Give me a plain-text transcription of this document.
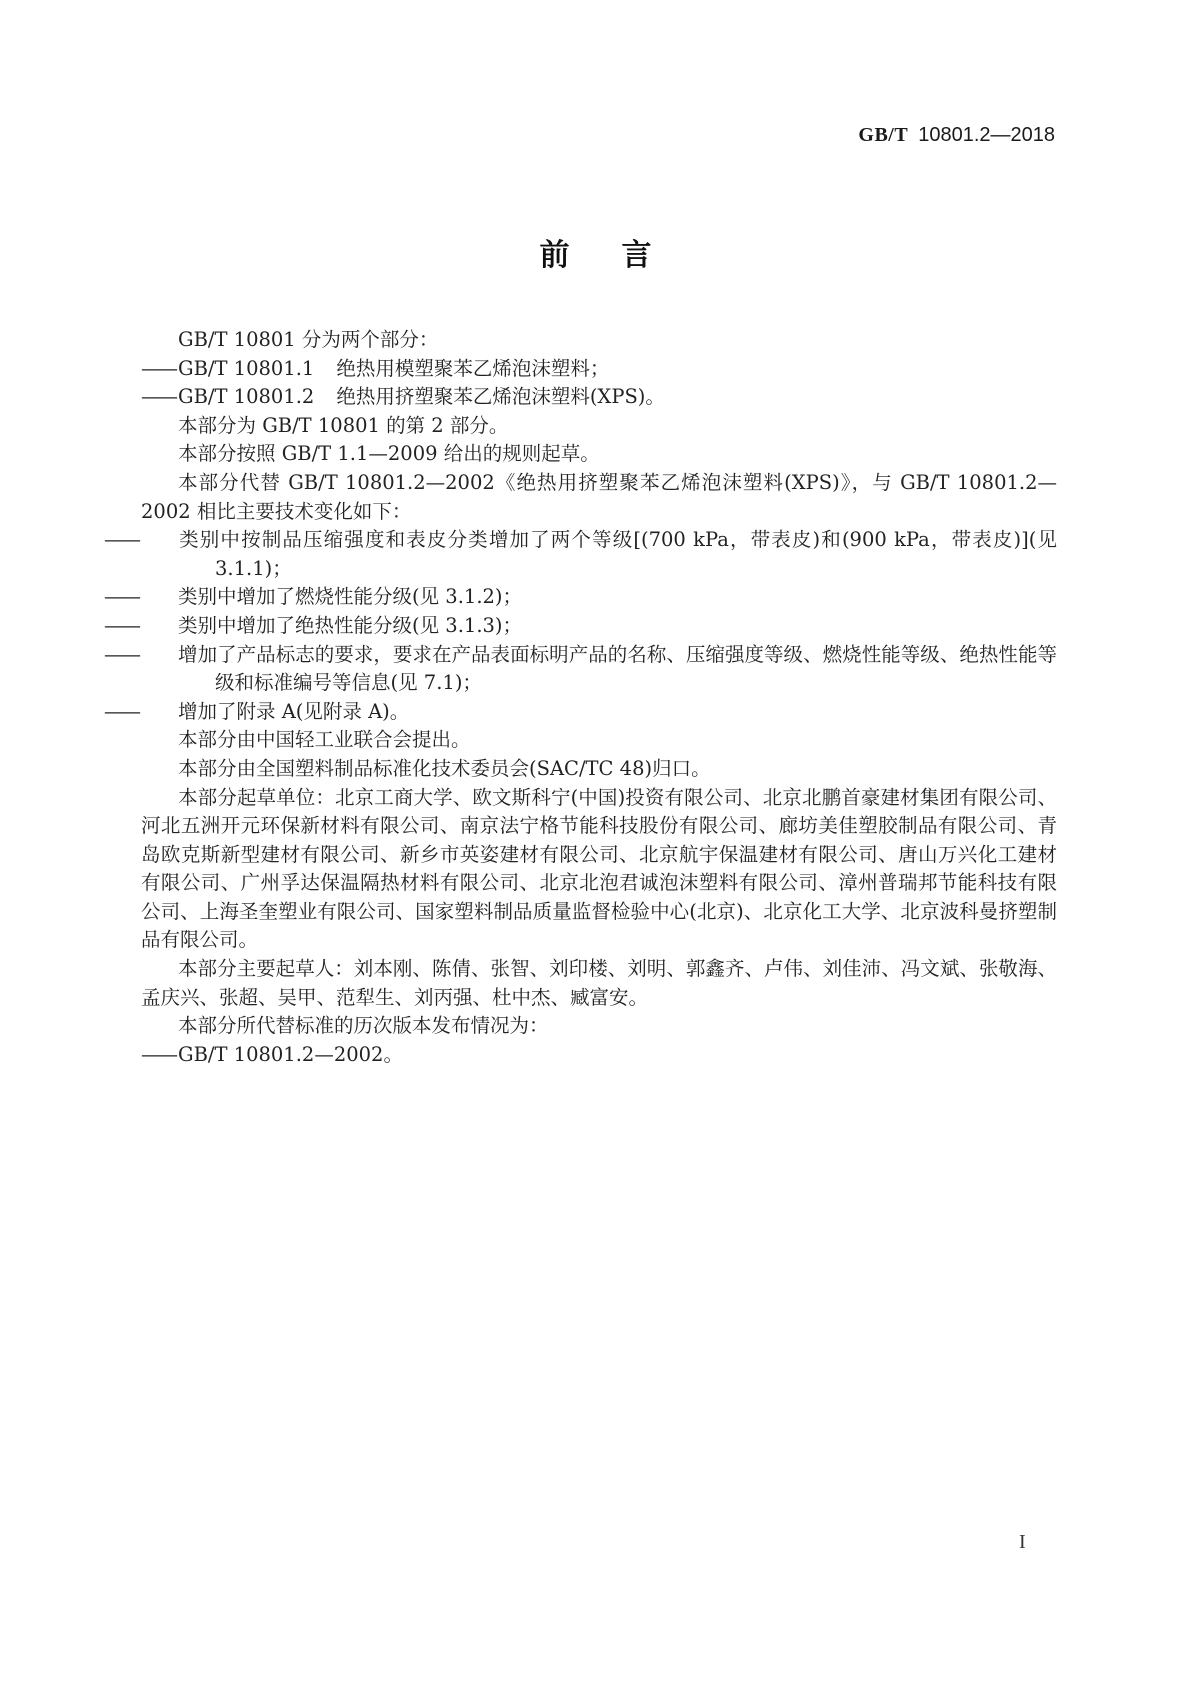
GB/T 10801.2—2018
前言

GB/T 10801 分为两个部分：

—— GB/T 10801.1 绝热用模塑聚苯乙烯泡沫塑料；

—— GB/T 10801.2 绝热用挤塑聚苯乙烯泡沫塑料(XPS)。

本部分为 GB/T 10801 的第 2 部分。

本部分按照 GB/T 1.1—2009 给出的规则起草。

本部分代替 GB/T 10801.2—2002《绝热用挤塑聚苯乙烯泡沫塑料(XPS)》，与 GB/T 10801.2—2002 相比主要技术变化如下：

—— 类别中按制品压缩强度和表皮分类增加了两个等级[(700 kPa，带表皮)和(900 kPa，带表皮)](见 3.1.1)；

—— 类别中增加了燃烧性能分级(见 3.1.2)；

—— 类别中增加了绝热性能分级(见 3.1.3)；

—— 增加了产品标志的要求，要求在产品表面标明产品的名称、压缩强度等级、燃烧性能等级、绝热性能等级和标准编号等信息(见 7.1)；

—— 增加了附录 A(见附录 A)。

本部分由中国轻工业联合会提出。

本部分由全国塑料制品标准化技术委员会(SAC/TC 48)归口。

本部分起草单位：北京工商大学、欧文斯科宁(中国)投资有限公司、北京北鹏首豪建材集团有限公司、河北五洲开元环保新材料有限公司、南京法宁格节能科技股份有限公司、廊坊美佳塑胶制品有限公司、青岛欧克斯新型建材有限公司、新乡市英姿建材有限公司、北京航宇保温建材有限公司、唐山万兴化工建材有限公司、广州孚达保温隔热材料有限公司、北京北泡君诚泡沫塑料有限公司、漳州普瑞邦节能科技有限公司、上海圣奎塑业有限公司、国家塑料制品质量监督检验中心(北京)、北京化工大学、北京波科曼挤塑制品有限公司。

本部分主要起草人：刘本刚、陈倩、张智、刘印楼、刘明、郭鑫齐、卢伟、刘佳沛、冯文斌、张敬海、孟庆兴、张超、吴甲、范犁生、刘丙强、杜中杰、臧富安。

本部分所代替标准的历次版本发布情况为：

—— GB/T 10801.2—2002。

I
